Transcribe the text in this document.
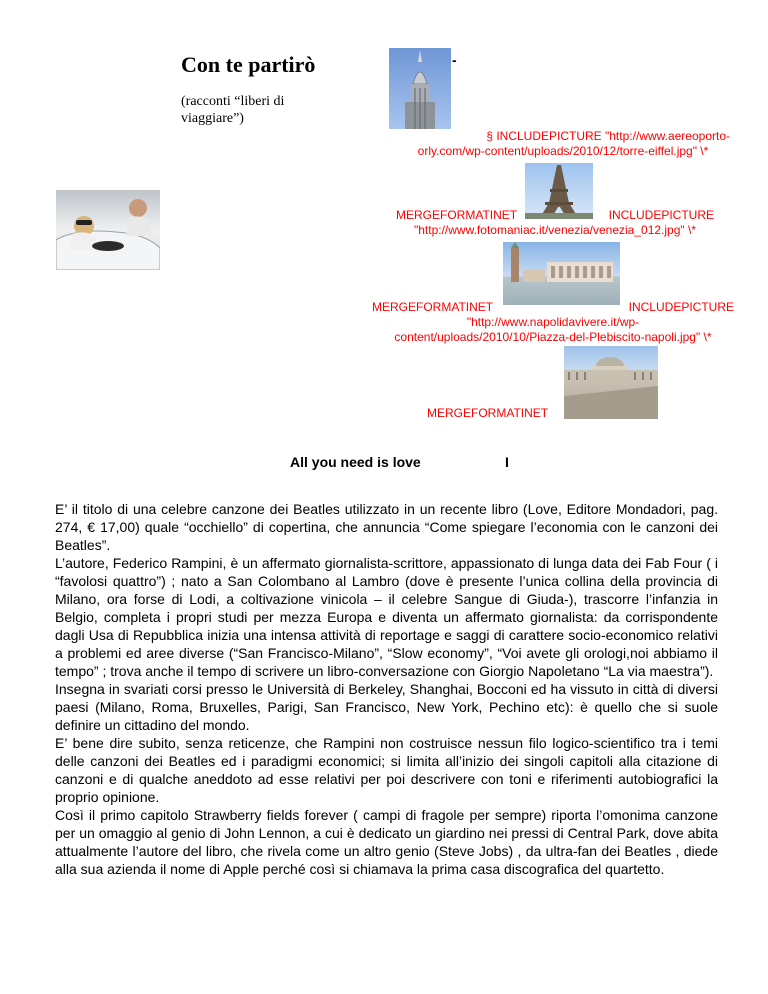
Con te partirò
(racconti “liberi di viaggiare”)
-
§ INCLUDEPICTURE "http://www.aereoporto-
orly.com/wp-content/uploads/2010/12/torre-eiffel.jpg" \*
MERGEFORMATINET	INCLUDEPICTURE
"http://www.fotomaniac.it/venezia/venezia_012.jpg" \*
MERGEFORMATINET	INCLUDEPICTURE
"http://www.napolidavivere.it/wp-
content/uploads/2010/10/Piazza-del-Plebiscito-napoli.jpg" \*
MERGEFORMATINET
All you need is love	I

E’ il titolo di una celebre canzone dei Beatles utilizzato in un recente libro (Love, Editore Mondadori, pag. 274, € 17,00) quale “occhiello” di copertina, che annuncia “Come spiegare l’economia con le canzoni dei Beatles”.

L’autore, Federico Rampini, è un affermato giornalista-scrittore, appassionato di lunga data dei Fab Four ( i “favolosi quattro”) ; nato a San Colombano al Lambro (dove è presente l’unica collina della provincia di Milano, ora forse di Lodi, a coltivazione vinicola – il celebre Sangue di Giuda-), trascorre l’infanzia in Belgio, completa i propri studi per mezza Europa e diventa un affermato giornalista: da corrispondente dagli Usa di Repubblica inizia una intensa attività di reportage e saggi di carattere socio-economico relativi a problemi ed aree diverse (“San Francisco-Milano”, “Slow economy”, “Voi avete gli orologi,noi abbiamo il tempo” ; trova anche il tempo di scrivere un libro-conversazione con Giorgio Napoletano “La via maestra”).

Insegna in svariati corsi presso le Università di Berkeley, Shanghai, Bocconi ed ha vissuto in città di diversi paesi (Milano, Roma, Bruxelles, Parigi, San Francisco, New York, Pechino etc): è quello che si suole definire un cittadino del mondo.

E’ bene dire subito, senza reticenze, che Rampini non costruisce nessun filo logico-scientifico tra i temi delle canzoni dei Beatles ed i paradigmi economici; si limita all’inizio dei singoli capitoli alla citazione di canzoni e di qualche aneddoto ad esse relativi per poi descrivere con toni e riferimenti autobiografici la proprio opinione.

Così il primo capitolo Strawberry fields forever ( campi di fragole per sempre) riporta l’omonima canzone per un omaggio al genio di John Lennon, a cui è dedicato un giardino nei pressi di Central Park, dove abita attualmente l’autore del libro, che rivela come un altro genio (Steve Jobs) , da ultra-fan dei Beatles , diede alla sua azienda il nome di Apple perché così si chiamava la prima casa discografica del quartetto.
